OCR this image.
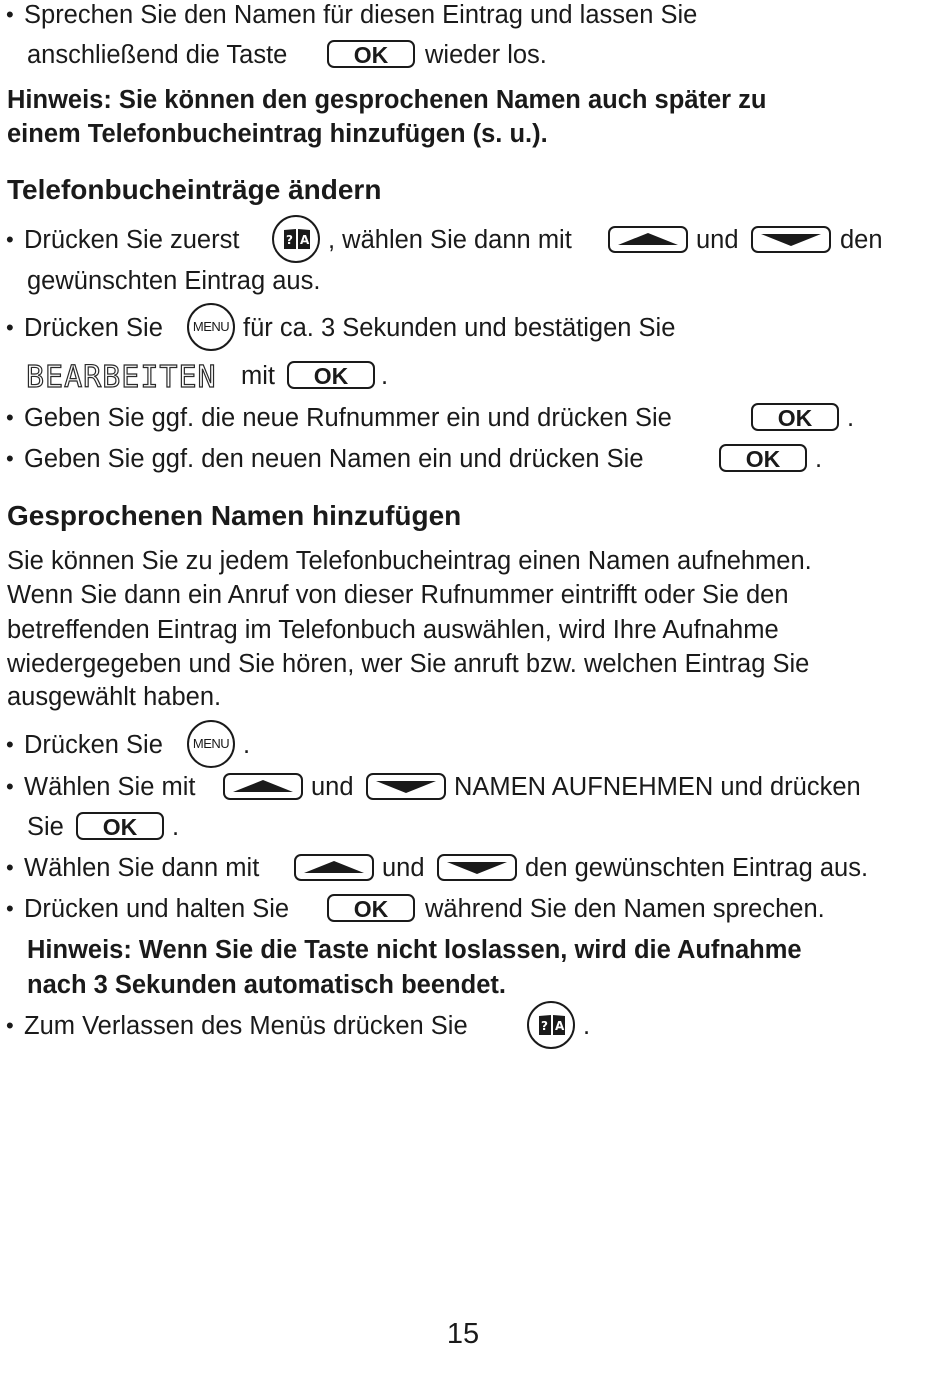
• Sprechen Sie den Namen für diesen Eintrag und lassen Sie
anschließend die Taste	OK	wieder los.
Hinweis: Sie können den gesprochenen Namen auch später zu
einem Telefonbucheintrag hinzufügen (s. u.).
Telefonbucheinträge ändern
• Drücken Sie zuerst	? A , wählen Sie dann mit	und	den
gewünschten Eintrag aus.
• Drücken Sie	MENU für ca. 3 Sekunden und bestätigen Sie
BEARBEITEN mit	OK	.
• Geben Sie ggf. die neue Rufnummer ein und drücken Sie	OK	.
• Geben Sie ggf. den neuen Namen ein und drücken Sie	OK	.
Gesprochenen Namen hinzufügen
Sie können Sie zu jedem Telefonbucheintrag einen Namen aufnehmen.
Wenn Sie dann ein Anruf von dieser Rufnummer eintrifft oder Sie den
betreffenden Eintrag im Telefonbuch auswählen, wird Ihre Aufnahme
wiedergegeben und Sie hören, wer Sie anruft bzw. welchen Eintrag Sie
ausgewählt haben.
• Drücken Sie	MENU .
• Wählen Sie mit	und	NAMEN AUFNEHMEN und drücken
Sie	OK	.
• Wählen Sie dann mit	und	den gewünschten Eintrag aus.
• Drücken und halten Sie	OK	während Sie den Namen sprechen.
Hinweis: Wenn Sie die Taste nicht loslassen, wird die Aufnahme
nach 3 Sekunden automatisch beendet.
• Zum Verlassen des Menüs drücken Sie	? A .
15
